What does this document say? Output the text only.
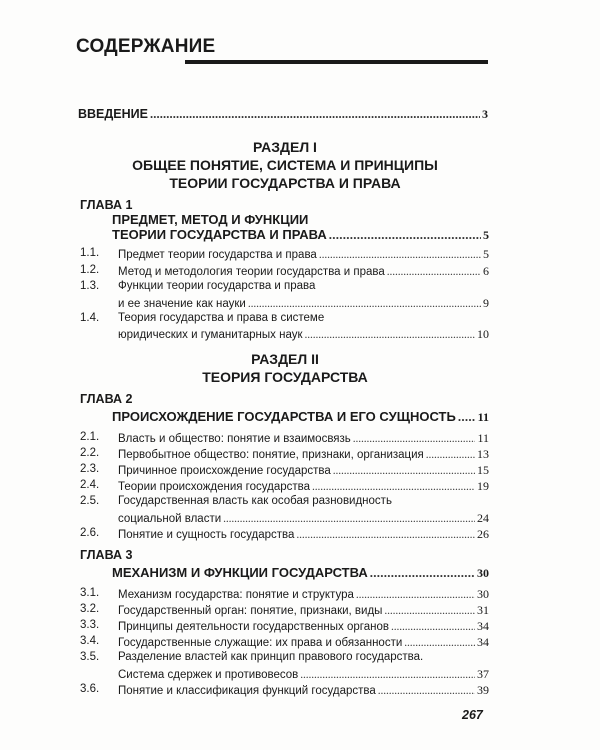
СОДЕРЖАНИЕ
ВВЕДЕНИЕ . . .	3
РАЗДЕЛ I
ОБЩЕЕ ПОНЯТИЕ, СИСТЕМА И ПРИНЦИПЫ
ТЕОРИИ ГОСУДАРСТВА И ПРАВА
ГЛАВА 1
ПРЕДМЕТ, МЕТОД И ФУНКЦИИ
ТЕОРИИ ГОСУДАРСТВА И ПРАВА . . .	5
1.1. Предмет теории государства и права . . .	5
1.2. Метод и методология теории государства и права . . .	6
1.3. Функции теории государства и права
и ее значение как науки . . .	9
1.4. Теория государства и права в системе
юридических и гуманитарных наук . . .	10
РАЗДЕЛ II
ТЕОРИЯ ГОСУДАРСТВА
ГЛАВА 2
ПРОИСХОЖДЕНИЕ ГОСУДАРСТВА И ЕГО СУЩНОСТЬ . . . 11
2.1. Власть и общество: понятие и взаимосвязь . . .	11
2.2. Первобытное общество: понятие, признаки, организация . . .	13
2.3. Причинное происхождение государства . . .	15
2.4. Теории происхождения государства . . .	19
2.5. Государственная власть как особая разновидность
социальной власти . . .	24
2.6. Понятие и сущность государства . . .	26
ГЛАВА 3
МЕХАНИЗМ И ФУНКЦИИ ГОСУДАРСТВА . . .	30
3.1. Механизм государства: понятие и структура . . .	30
3.2. Государственный орган: понятие, признаки, виды . . .	31
3.3. Принципы деятельности государственных органов . . .	34
3.4. Государственные служащие: их права и обязанности . . .	34
3.5. Разделение властей как принцип правового государства.
Система сдержек и противовесов . . .	37
3.6. Понятие и классификация функций государства . . .	39
267
